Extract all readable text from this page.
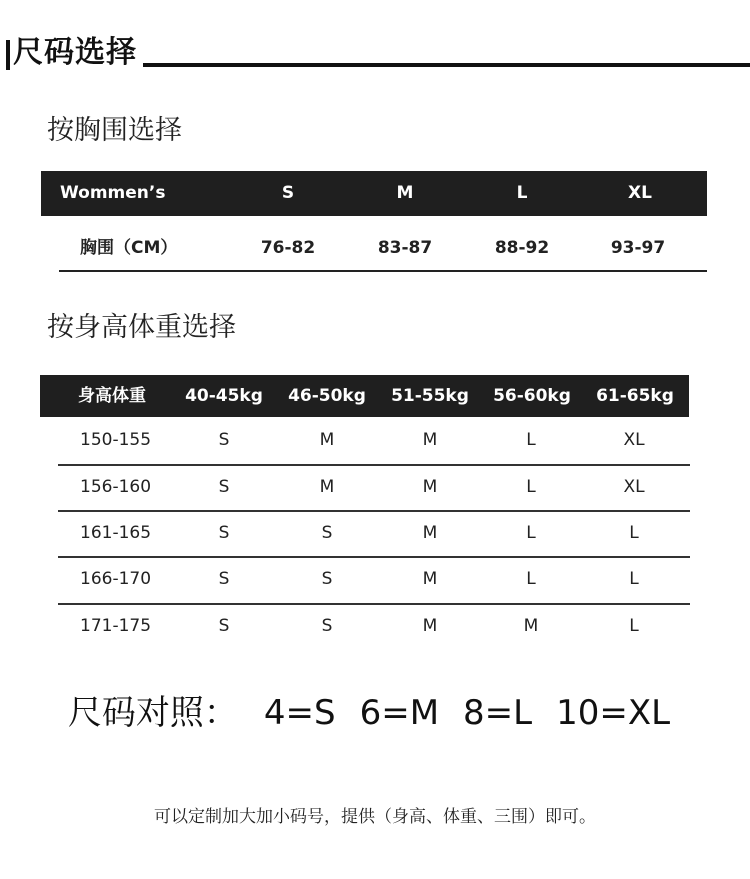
尺码选择
按胸围选择
Wommen’s	S	M	L	XL
胸围（CM）	76-82	83-87	88-92	93-97
按身高体重选择
身高体重	40-45kg	46-50kg	51-55kg	56-60kg	61-65kg
150-155	S	M	M	L	XL
156-160	S	M	M	L	XL
161-165	S	S	M	L	L
166-170	S	S	M	L	L
171-175	S	S	M	M	L
尺码对照： 4=S 6=M 8=L 10=XL
可以定制加大加小码号，提供（身高、体重、三围）即可。
